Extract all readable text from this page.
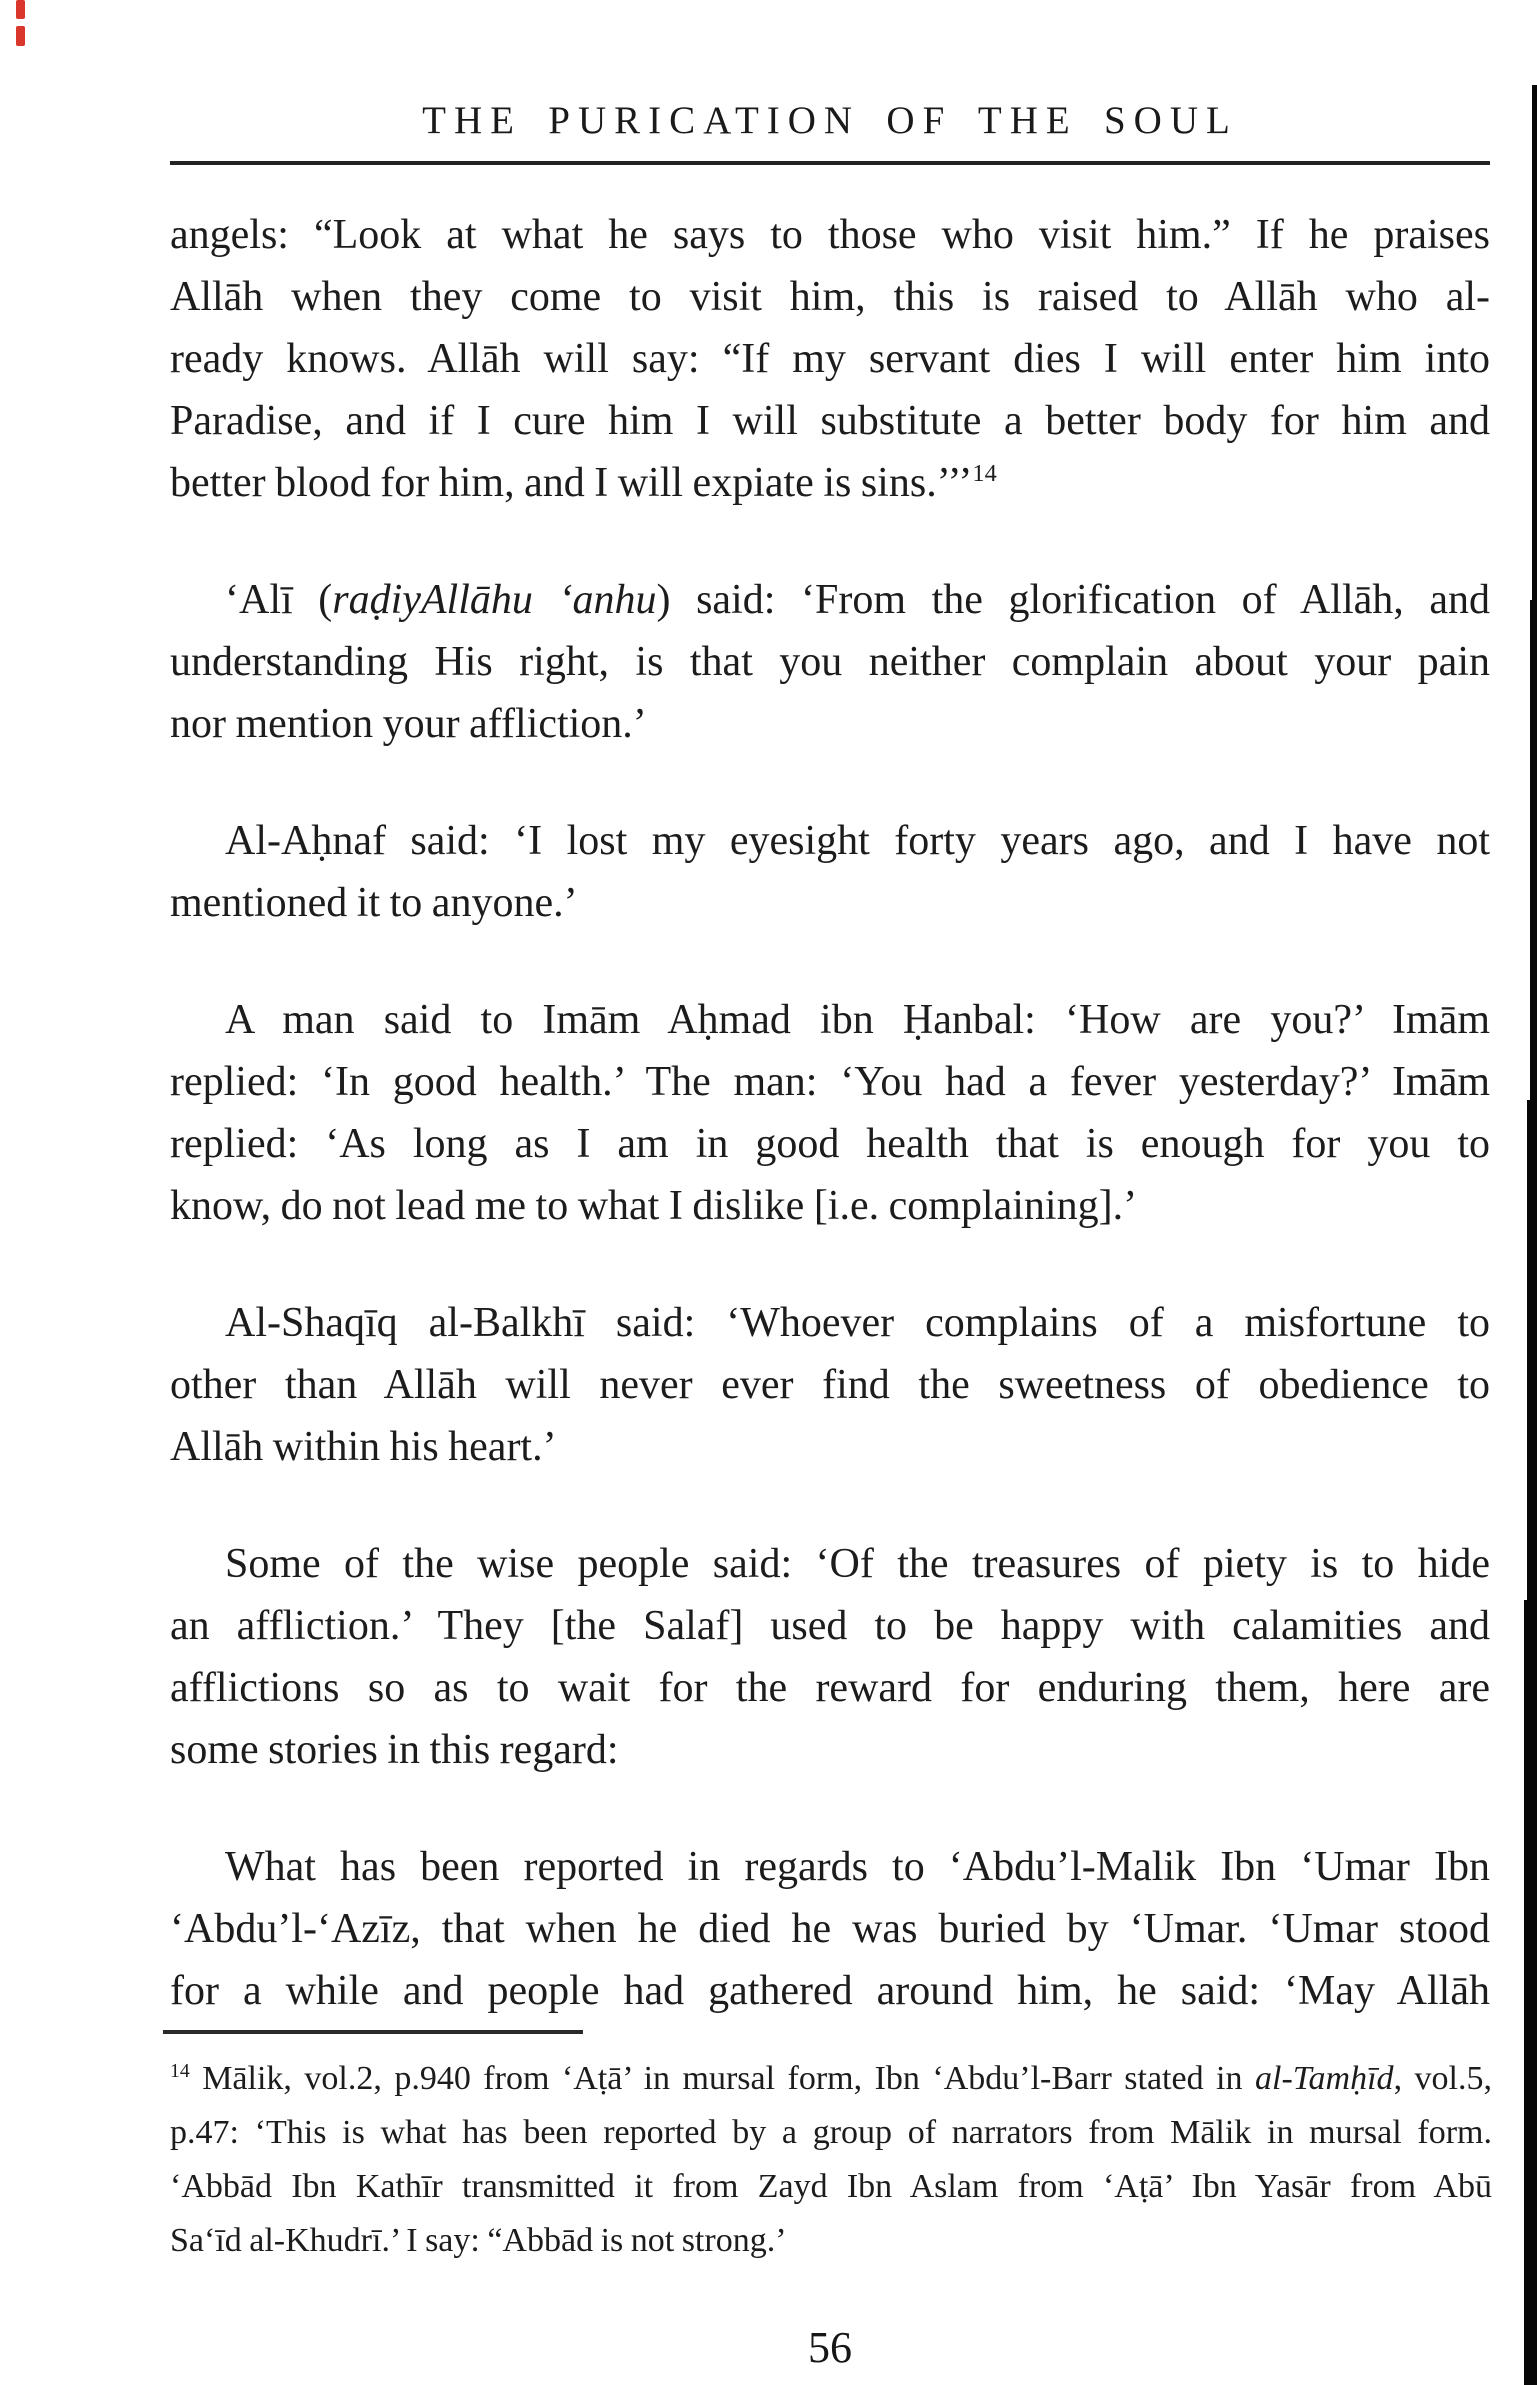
THE PURICATION OF THE SOUL
angels: “Look at what he says to those who visit him.” If he praises
Allāh when they come to visit him, this is raised to Allāh who al-
ready knows. Allāh will say: “If my servant dies I will enter him into
Paradise, and if I cure him I will substitute a better body for him and
better blood for him, and I will expiate is sins.’’’$^{14}$
‘Alī (raḍiyAllāhu ‘anhu) said: ‘From the glorification of Allāh, and
understanding His right, is that you neither complain about your pain
nor mention your affliction.’
Al-Aḥnaf said: ‘I lost my eyesight forty years ago, and I have not
mentioned it to anyone.’
A man said to Imām Aḥmad ibn Ḥanbal: ‘How are you?’ Imām
replied: ‘In good health.’ The man: ‘You had a fever yesterday?’ Imām
replied: ‘As long as I am in good health that is enough for you to
know, do not lead me to what I dislike [i.e. complaining].’
Al-Shaqīq al-Balkhī said: ‘Whoever complains of a misfortune to
other than Allāh will never ever find the sweetness of obedience to
Allāh within his heart.’
Some of the wise people said: ‘Of the treasures of piety is to hide
an affliction.’ They [the Salaf] used to be happy with calamities and
afflictions so as to wait for the reward for enduring them, here are
some stories in this regard:
What has been reported in regards to ‘Abdu’l-Malik Ibn ‘Umar Ibn
‘Abdu’l-‘Azīz, that when he died he was buried by ‘Umar. ‘Umar stood
for a while and people had gathered around him, he said: ‘May Allāh
$^{14}$ Mālik, vol.2, p.940 from ‘Aṭā’ in mursal form, Ibn ‘Abdu’l-Barr stated in al-Tamḥīd, vol.5,
p.47: ‘This is what has been reported by a group of narrators from Mālik in mursal form.
‘Abbād Ibn Kathīr transmitted it from Zayd Ibn Aslam from ‘Aṭā’ Ibn Yasār from Abū
Sa‘īd al-Khudrī.’ I say: “Abbād is not strong.’
56
